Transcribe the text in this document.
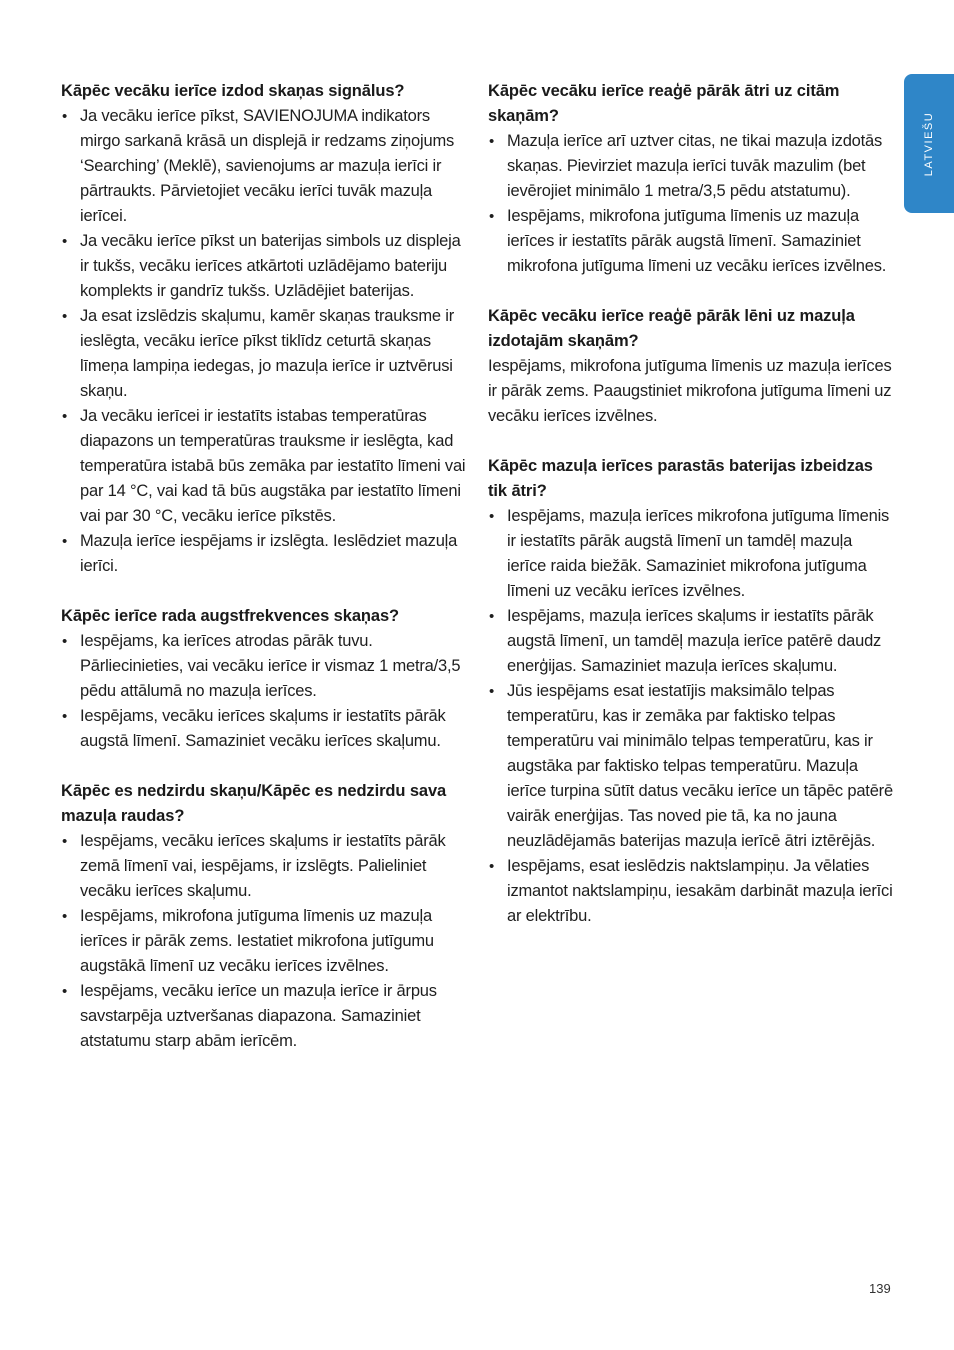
LATVIEŠU
Kāpēc vecāku ierīce izdod skaņas signālus?
• Ja vecāku ierīce pīkst, SAVIENOJUMA indikators mirgo sarkanā krāsā un displejā ir redzams ziņojums ‘Searching’ (Meklē), savienojums ar mazuļa ierīci ir pārtraukts. Pārvietojiet vecāku ierīci tuvāk mazuļa ierīcei.
• Ja vecāku ierīce pīkst un baterijas simbols uz displeja ir tukšs, vecāku ierīces atkārtoti uzlādējamo bateriju komplekts ir gandrīz tukšs. Uzlādējiet baterijas.
• Ja esat izslēdzis skaļumu, kamēr skaņas trauksme ir ieslēgta, vecāku ierīce pīkst tiklīdz ceturtā skaņas līmeņa lampiņa iedegas, jo mazuļa ierīce ir uztvērusi skaņu.
• Ja vecāku ierīcei ir iestatīts istabas temperatūras diapazons un temperatūras trauksme ir ieslēgta, kad temperatūra istabā būs zemāka par iestatīto līmeni vai par 14 °C, vai kad tā būs augstāka par iestatīto līmeni vai par 30 °C, vecāku ierīce pīkstēs.
• Mazuļa ierīce iespējams ir izslēgta. Ieslēdziet mazuļa ierīci.
Kāpēc ierīce rada augstfrekvences skaņas?
• Iespējams, ka ierīces atrodas pārāk tuvu. Pārliecinieties, vai vecāku ierīce ir vismaz 1 metra/3,5 pēdu attālumā no mazuļa ierīces.
• Iespējams, vecāku ierīces skaļums ir iestatīts pārāk augstā līmenī. Samaziniet vecāku ierīces skaļumu.
Kāpēc es nedzirdu skaņu/Kāpēc es nedzirdu sava mazuļa raudas?
• Iespējams, vecāku ierīces skaļums ir iestatīts pārāk zemā līmenī vai, iespējams, ir izslēgts. Palieliniet vecāku ierīces skaļumu.
• Iespējams, mikrofona jutīguma līmenis uz mazuļa ierīces ir pārāk zems. Iestatiet mikrofona jutīgumu augstākā līmenī uz vecāku ierīces izvēlnes.
• Iespējams, vecāku ierīce un mazuļa ierīce ir ārpus savstarpēja uztveršanas diapazona. Samaziniet atstatumu starp abām ierīcēm.
Kāpēc vecāku ierīce reaģē pārāk ātri uz citām skaņām?
• Mazuļa ierīce arī uztver citas, ne tikai mazuļa izdotās skaņas. Pievirziet mazuļa ierīci tuvāk mazulim (bet ievērojiet minimālo 1 metra/3,5 pēdu atstatumu).
• Iespējams, mikrofona jutīguma līmenis uz mazuļa ierīces ir iestatīts pārāk augstā līmenī. Samaziniet mikrofona jutīguma līmeni uz vecāku ierīces izvēlnes.
Kāpēc vecāku ierīce reaģē pārāk lēni uz mazuļa izdotajām skaņām?

Iespējams, mikrofona jutīguma līmenis uz mazuļa ierīces ir pārāk zems. Paaugstiniet mikrofona jutīguma līmeni uz vecāku ierīces izvēlnes.

Kāpēc mazuļa ierīces parastās baterijas izbeidzas tik ātri?
• Iespējams, mazuļa ierīces mikrofona jutīguma līmenis ir iestatīts pārāk augstā līmenī un tamdēļ mazuļa ierīce raida biežāk. Samaziniet mikrofona jutīguma līmeni uz vecāku ierīces izvēlnes.
• Iespējams, mazuļa ierīces skaļums ir iestatīts pārāk augstā līmenī, un tamdēļ mazuļa ierīce patērē daudz enerģijas. Samaziniet mazuļa ierīces skaļumu.
• Jūs iespējams esat iestatījis maksimālo telpas temperatūru, kas ir zemāka par faktisko telpas temperatūru vai minimālo telpas temperatūru, kas ir augstāka par faktisko telpas temperatūru. Mazuļa ierīce turpina sūtīt datus vecāku ierīce un tāpēc patērē vairāk enerģijas. Tas noved pie tā, ka no jauna neuzlādējamās baterijas mazuļa ierīcē ātri iztērējās.
• Iespējams, esat ieslēdzis naktslampiņu. Ja vēlaties izmantot naktslampiņu, iesakām darbināt mazuļa ierīci ar elektrību.
139
